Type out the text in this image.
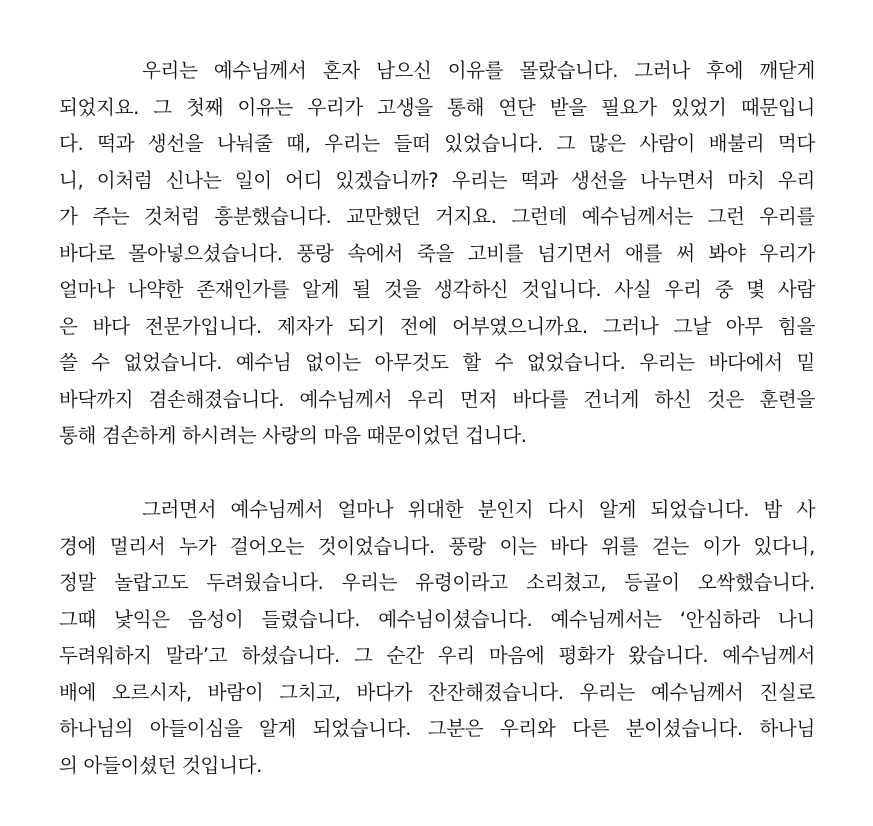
우리는 예수님께서 혼자 남으신 이유를 몰랐습니다. 그러나 후에 깨닫게
되었지요. 그 첫째 이유는 우리가 고생을 통해 연단 받을 필요가 있었기 때문입니
다. 떡과 생선을 나눠줄 때, 우리는 들떠 있었습니다. 그 많은 사람이 배불리 먹다
니, 이처럼 신나는 일이 어디 있겠습니까? 우리는 떡과 생선을 나누면서 마치 우리
가 주는 것처럼 흥분했습니다. 교만했던 거지요. 그런데 예수님께서는 그런 우리를
바다로 몰아넣으셨습니다. 풍랑 속에서 죽을 고비를 넘기면서 애를 써 봐야 우리가
얼마나 나약한 존재인가를 알게 될 것을 생각하신 것입니다. 사실 우리 중 몇 사람
은 바다 전문가입니다. 제자가 되기 전에 어부였으니까요. 그러나 그날 아무 힘을
쓸 수 없었습니다. 예수님 없이는 아무것도 할 수 없었습니다. 우리는 바다에서 밑
바닥까지 겸손해졌습니다. 예수님께서 우리 먼저 바다를 건너게 하신 것은 훈련을
통해 겸손하게 하시려는 사랑의 마음 때문이었던 겁니다.
그러면서 예수님께서 얼마나 위대한 분인지 다시 알게 되었습니다. 밤 사
경에 멀리서 누가 걸어오는 것이었습니다. 풍랑 이는 바다 위를 걷는 이가 있다니,
정말 놀랍고도 두려웠습니다. 우리는 유령이라고 소리쳤고, 등골이 오싹했습니다.
그때 낯익은 음성이 들렸습니다. 예수님이셨습니다. 예수님께서는 ‘안심하라 나니
두려워하지 말라’고 하셨습니다. 그 순간 우리 마음에 평화가 왔습니다. 예수님께서
배에 오르시자, 바람이 그치고, 바다가 잔잔해졌습니다. 우리는 예수님께서 진실로
하나님의 아들이심을 알게 되었습니다. 그분은 우리와 다른 분이셨습니다. 하나님
의 아들이셨던 것입니다.
